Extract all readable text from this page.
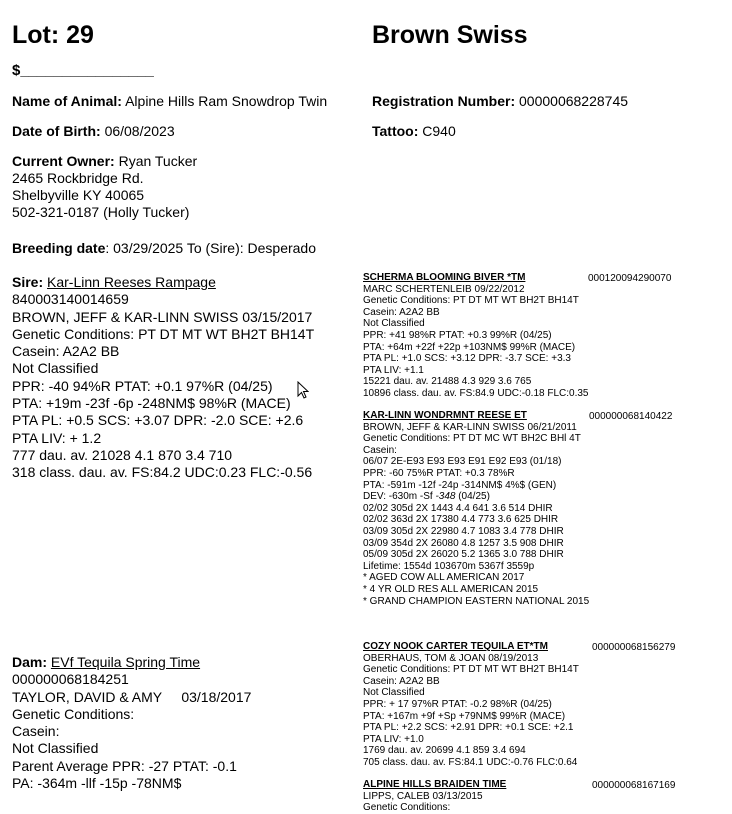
Lot: 29	Brown Swiss
$________________
Name of Animal: Alpine Hills Ram Snowdrop Twin	Registration Number: 00000068228745
Date of Birth: 06/08/2023	Tattoo: C940
Current Owner: Ryan Tucker
2465 Rockbridge Rd.
Shelbyville KY 40065
502-321-0187 (Holly Tucker)
Breeding date: 03/29/2025 To (Sire): Desperado
Sire: Kar-Linn Reeses Rampage
840003140014659
BROWN, JEFF & KAR-LINN SWISS 03/15/2017
Genetic Conditions: PT DT MT WT BH2T BH14T
Casein: A2A2 BB
Not Classified
PPR: -40 94%R PTAT: +0.1 97%R (04/25)
PTA: +19m -23f -6p -248NM$ 98%R (MACE)
PTA PL: +0.5 SCS: +3.07 DPR: -2.0 SCE: +2.6
PTA LIV: + 1.2
777 dau. av. 21028 4.1 870 3.4 710
318 class. dau. av. FS:84.2 UDC:0.23 FLC:-0.56
Dam: EVf Tequila Spring Time
000000068184251
TAYLOR, DAVID & AMY     03/18/2017
Genetic Conditions:
Casein:
Not Classified
Parent Average PPR: -27 PTAT: -0.1
PA: -364m -llf -15p -78NM$
SCHERMA BLOOMING BIVER *TM
MARC SCHERTENLEIB 09/22/2012
Genetic Conditions: PT DT MT WT BH2T BH14T
Casein: A2A2 BB
Not Classified
PPR: +41 98%R PTAT: +0.3 99%R (04/25)
PTA: +64m +22f +22p +103NM$ 99%R (MACE)
PTA PL: +1.0 SCS: +3.12 DPR: -3.7 SCE: +3.3
PTA LIV: +1.1
15221 dau. av. 21488 4.3 929 3.6 765
10896 class. dau. av. FS:84.9 UDC:-0.18 FLC:0.35
000120094290070
KAR-LINN WONDRMNT REESE ET
BROWN, JEFF & KAR-LINN SWISS 06/21/2011
Genetic Conditions: PT DT MC WT BH2C BHl 4T
Casein:
06/07 2E-E93 E93 E93 E91 E92 E93 (01/18)
PPR: -60 75%R PTAT: +0.3 78%R
PTA: -591m -12f -24p -314NM$ 4%$ (GEN)
DEV: -630m -Sf -348 (04/25)
02/02 305d 2X 1443 4.4 641 3.6 514 DHIR
02/02 363d 2X 17380 4.4 773 3.6 625 DHIR
03/09 305d 2X 22980 4.7 1083 3.4 778 DHIR
03/09 354d 2X 26080 4.8 1257 3.5 908 DHIR
05/09 305d 2X 26020 5.2 1365 3.0 788 DHIR
Lifetime: 1554d 103670m 5367f 3559p
* AGED COW ALL AMERICAN 2017
* 4 YR OLD RES ALL AMERICAN 2015
* GRAND CHAMPION EASTERN NATIONAL 2015
000000068140422
COZY NOOK CARTER TEQUILA ET*TM
OBERHAUS, TOM & JOAN 08/19/2013
Genetic Conditions: PT DT MT WT BH2T BH14T
Casein: A2A2 BB
Not Classified
PPR: + 17 97%R PTAT: -0.2 98%R (04/25)
PTA: +167m +9f +Sp +79NM$ 99%R (MACE)
PTA PL: +2.2 SCS: +2.91 DPR: +0.1 SCE: +2.1
PTA LIV: +1.0
1769 dau. av. 20699 4.1 859 3.4 694
705 class. dau. av. FS:84.1 UDC:-0.76 FLC:0.64
000000068156279
ALPINE HILLS BRAIDEN TIME
LIPPS, CALEB 03/13/2015
Genetic Conditions:
000000068167169
